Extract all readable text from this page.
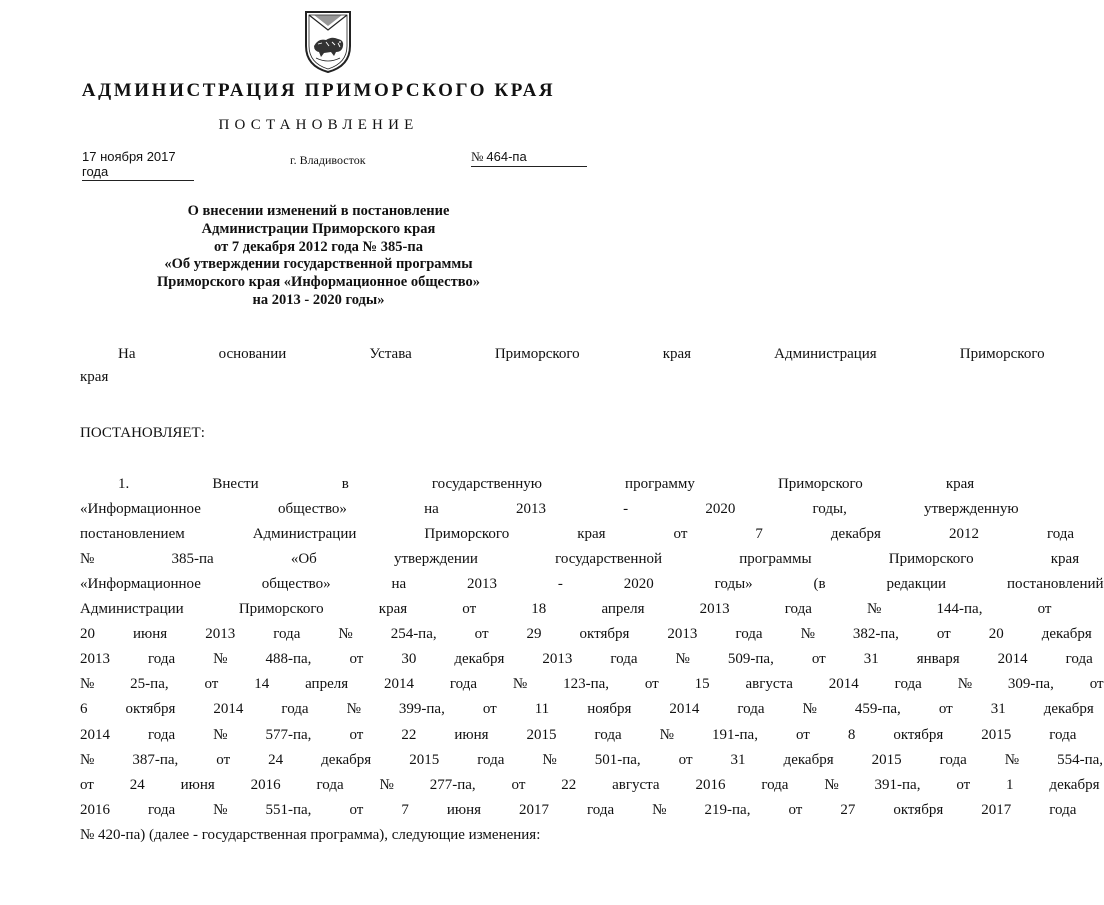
АДМИНИСТРАЦИЯ ПРИМОРСКОГО КРАЯ
ПОСТАНОВЛЕНИЕ
17 ноября 2017 года
г. Владивосток	№ 464-па
О внесении изменений в постановление
Администрации Приморского края
от 7 декабря 2012 года № 385-па
«Об утверждении государственной программы
Приморского края «Информационное общество»
на 2013 - 2020 годы»
На основании Устава Приморского края Администрация Приморского
края
ПОСТАНОВЛЯЕТ:
1. Внести в государственную программу Приморского края
«Информационное общество» на 2013 - 2020 годы, утвержденную
постановлением Администрации Приморского края от 7 декабря 2012 года
№ 385-па «Об утверждении государственной программы Приморского края
«Информационное общество» на 2013 - 2020 годы» (в редакции постановлений
Администрации Приморского края от 18 апреля 2013 года № 144-па, от
20 июня 2013 года № 254-па, от 29 октября 2013 года № 382-па, от 20 декабря
2013 года № 488-па, от 30 декабря 2013 года № 509-па, от 31 января 2014 года
№ 25-па, от 14 апреля 2014 года № 123-па, от 15 августа 2014 года № 309-па, от
6 октября 2014 года № 399-па, от 11 ноября 2014 года № 459-па, от 31 декабря
2014 года № 577-па, от 22 июня 2015 года № 191-па, от 8 октября 2015 года
№ 387-па, от 24 декабря 2015 года № 501-па, от 31 декабря 2015 года № 554-па,
от 24 июня 2016 года № 277-па, от 22 августа 2016 года № 391-па, от 1 декабря
2016 года № 551-па, от 7 июня 2017 года № 219-па, от 27 октября 2017 года
№ 420-па) (далее - государственная программа), следующие изменения:
